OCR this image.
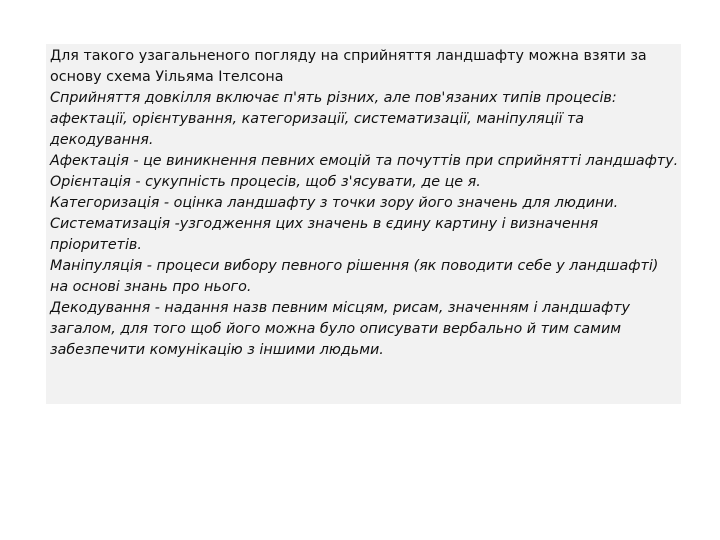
Для такого узагальненого погляду на сприйняття ландшафту можна взяти за основу схема Уільяма Ітелсона

Сприйняття довкілля включає п'ять різних, але пов'язаних типів процесів: афектації, орієнтування, категоризації, систематизації, маніпуляції та декодування.

Афектація - це виникнення певних емоцій та почуттів при сприйнятті ландшафту.

Орієнтація - сукупність процесів, щоб з'ясувати, де це я.

Категоризація - оцінка ландшафту з точки зору його значень для людини.

Систематизація -узгодження цих значень в єдину картину і визначення пріоритетів.

Маніпуляція - процеси вибору певного рішення (як поводити себе у ландшафті) на основі знань про нього.

Декодування - надання назв певним місцям, рисам, значенням і ландшафту загалом, для того щоб його можна було описувати вербально й тим самим забезпечити комунікацію з іншими людьми.
